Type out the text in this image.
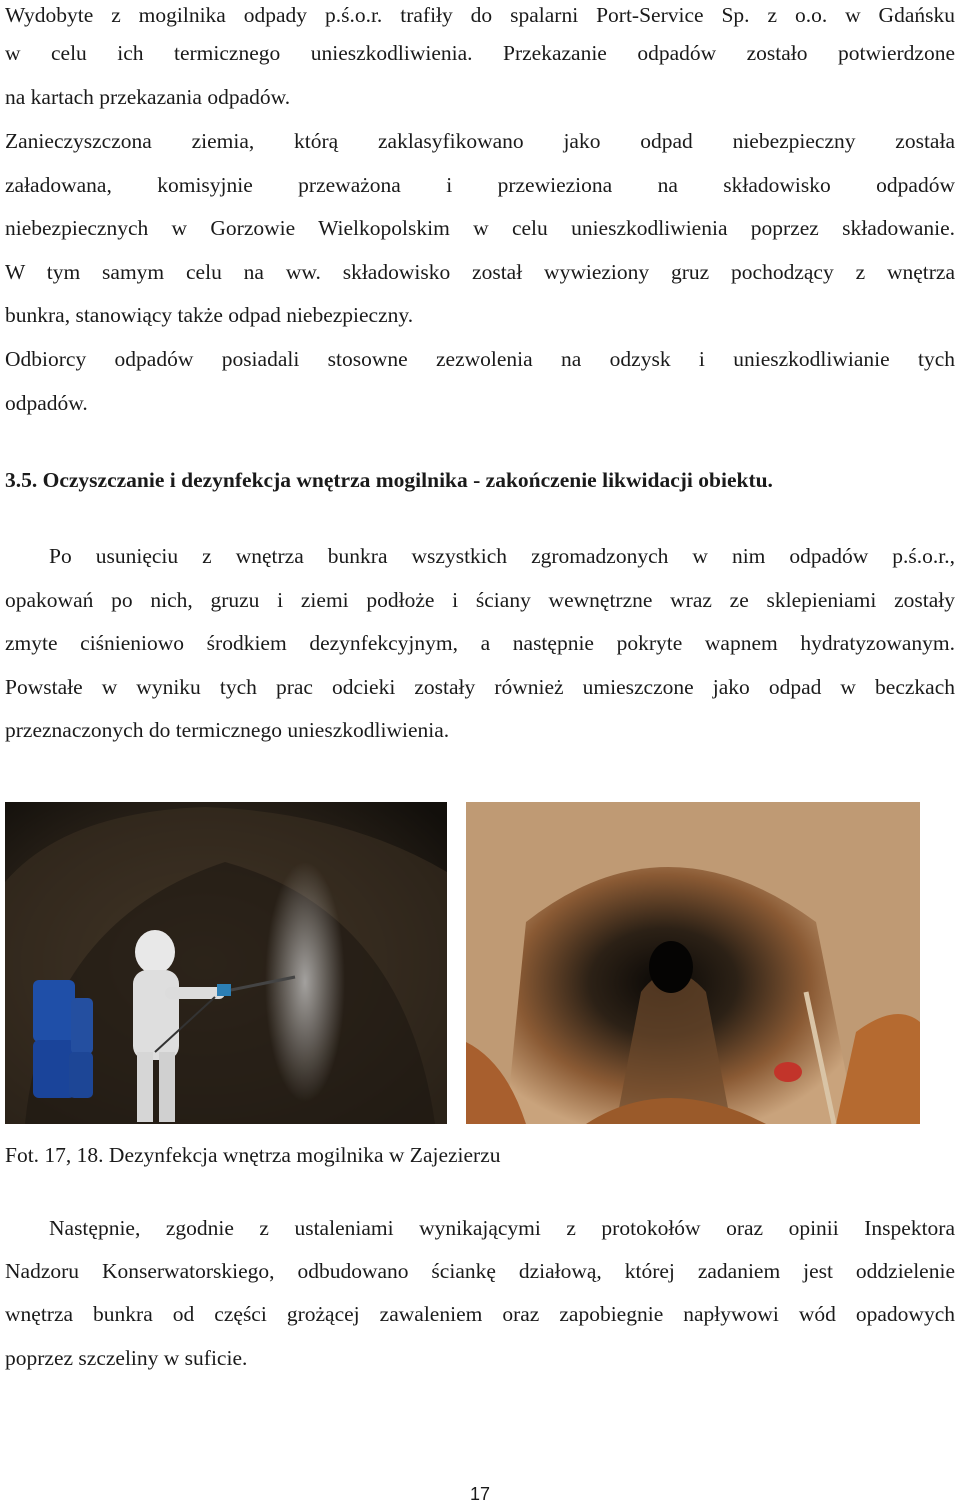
Wydobyte z mogilnika odpady p.ś.o.r. trafiły do spalarni Port-Service Sp. z o.o. w Gdańsku
w celu ich termicznego unieszkodliwienia. Przekazanie odpadów zostało potwierdzone
na kartach przekazania odpadów.
Zanieczyszczona ziemia, którą zaklasyfikowano jako odpad niebezpieczny została
załadowana, komisyjnie przeważona i przewieziona na składowisko odpadów
niebezpiecznych w Gorzowie Wielkopolskim w celu unieszkodliwienia poprzez składowanie.
W tym samym celu na ww. składowisko został wywieziony gruz pochodzący z wnętrza
bunkra, stanowiący także odpad niebezpieczny.
Odbiorcy odpadów posiadali stosowne zezwolenia na odzysk i unieszkodliwianie tych
odpadów.
3.5. Oczyszczanie i dezynfekcja wnętrza mogilnika - zakończenie likwidacji obiektu.
Po usunięciu z wnętrza bunkra wszystkich zgromadzonych w nim odpadów p.ś.o.r.,
opakowań po nich, gruzu i ziemi podłoże i ściany wewnętrzne wraz ze sklepieniami zostały
zmyte ciśnieniowo środkiem dezynfekcyjnym, a następnie pokryte wapnem hydratyzowanym.
Powstałe w wyniku tych prac odcieki zostały również umieszczone jako odpad w beczkach
przeznaczonych do termicznego unieszkodliwienia.
Fot. 17, 18. Dezynfekcja wnętrza mogilnika w Zajezierzu
Następnie, zgodnie z ustaleniami wynikającymi z protokołów oraz opinii Inspektora
Nadzoru Konserwatorskiego, odbudowano ściankę działową, której zadaniem jest oddzielenie
wnętrza bunkra od części grożącej zawaleniem oraz zapobiegnie napływowi wód opadowych
poprzez szczeliny w suficie.
17
